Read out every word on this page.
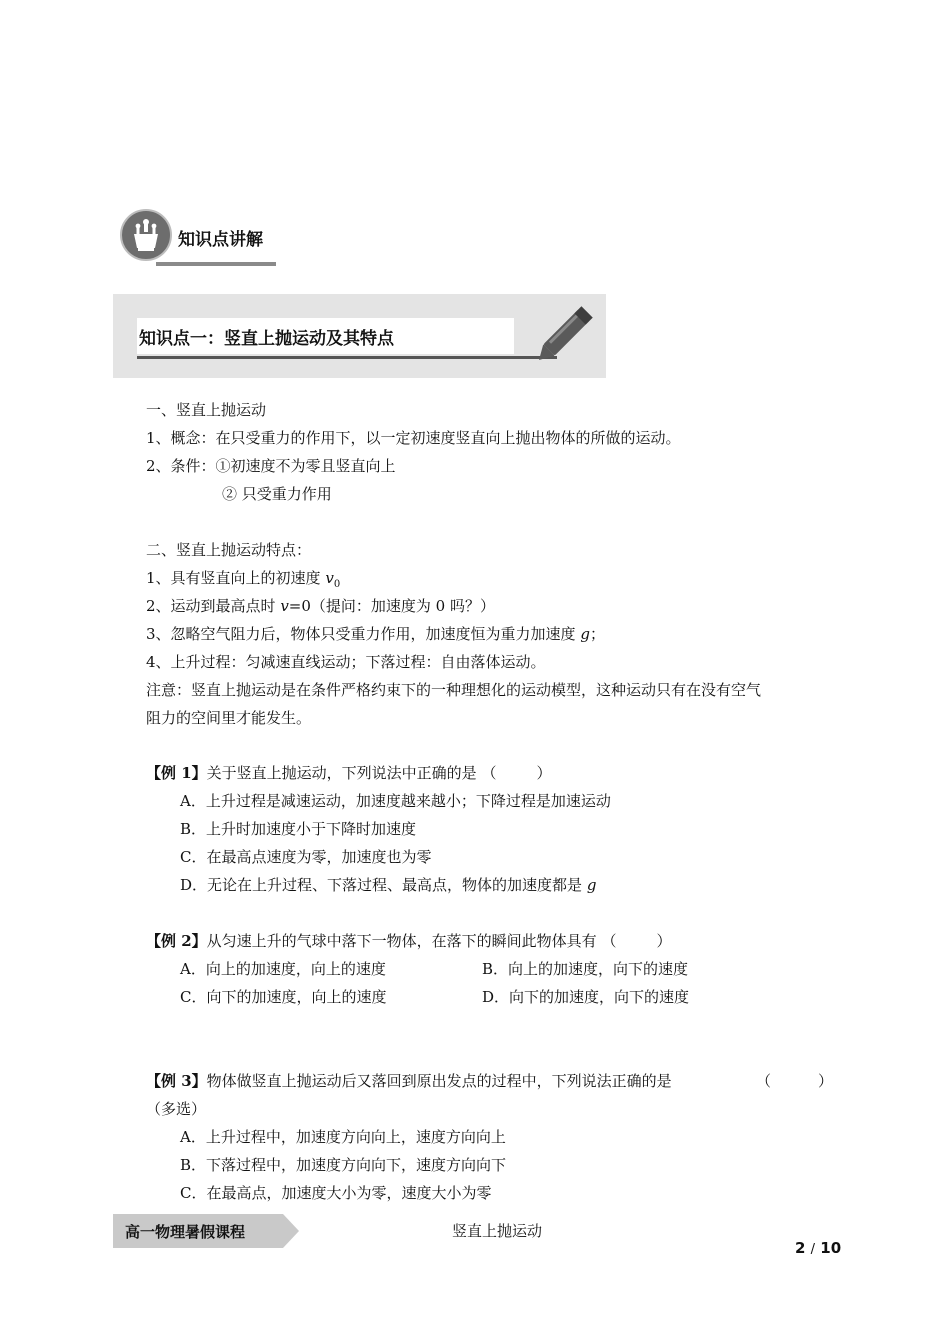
知识点讲解
知识点一：竖直上抛运动及其特点
一、竖直上抛运动
1、概念：在只受重力的作用下，以一定初速度竖直向上抛出物体的所做的运动。
2、条件：①初速度不为零且竖直向上
② 只受重力作用
二、竖直上抛运动特点：
1、具有竖直向上的初速度 $v_0$
2、运动到最高点时 v=0（提问：加速度为 0 吗？）
3、忽略空气阻力后，物体只受重力作用，加速度恒为重力加速度 g；
4、上升过程：匀减速直线运动；下落过程：自由落体运动。
注意：竖直上抛运动是在条件严格约束下的一种理想化的运动模型，这种运动只有在没有空气
阻力的空间里才能发生。
【例 1】关于竖直上抛运动，下列说法中正确的是 （	）
A．上升过程是减速运动，加速度越来越小；下降过程是加速运动
B．上升时加速度小于下降时加速度
C．在最高点速度为零，加速度也为零
D．无论在上升过程、下落过程、最高点，物体的加速度都是 g
【例 2】从匀速上升的气球中落下一物体，在落下的瞬间此物体具有 （	）
A．向上的加速度，向上的速度	B．向上的加速度，向下的速度
C．向下的加速度，向上的速度	D．向下的加速度，向下的速度
【例 3】物体做竖直上抛运动后又落回到原出发点的过程中，下列说法正确的是	（	）
（多选）
A．上升过程中，加速度方向向上，速度方向向上
B．下落过程中，加速度方向向下，速度方向向下
C．在最高点，加速度大小为零，速度大小为零
高一物理暑假课程	竖直上抛运动
2 / 10
